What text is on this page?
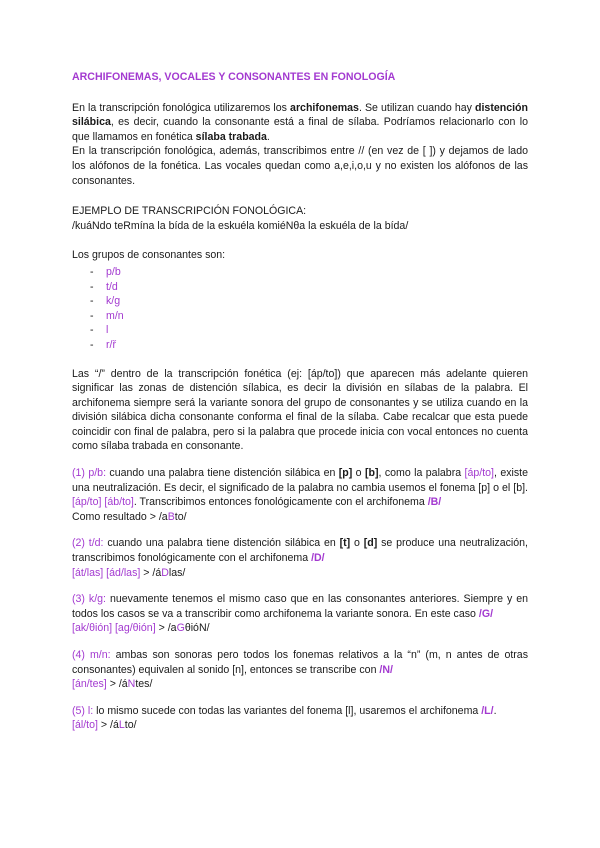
ARCHIFONEMAS, VOCALES Y CONSONANTES EN FONOLOGÍA

En la transcripción fonológica utilizaremos los archifonemas. Se utilizan cuando hay distención silábica, es decir, cuando la consonante está a final de sílaba. Podríamos relacionarlo con lo que llamamos en fonética sílaba trabada.

En la transcripción fonológica, además, transcribimos entre // (en vez de [ ]) y dejamos de lado los alófonos de la fonética. Las vocales quedan como a,e,i,o,u y no existen los alófonos de las consonantes.

EJEMPLO DE TRANSCRIPCIÓN FONOLÓGICA:
/kuáNdo teRmína la bída de la eskuéla komiéNθa la eskuéla de la bída/
Los grupos de consonantes son:
- p/b
- t/d
- k/g
- m/n
- l
- r/ř

Las “/” dentro de la transcripción fonética (ej: [áp/to]) que aparecen más adelante quieren significar las zonas de distención sílabica, es decir la división en sílabas de la palabra. El archifonema siempre será la variante sonora del grupo de consonantes y se utiliza cuando en la división silábica dicha consonante conforma el final de la sílaba. Cabe recalcar que esta puede coincidir con final de palabra, pero si la palabra que procede inicia con vocal entonces no cuenta como sílaba trabada en consonante.

(1) p/b: cuando una palabra tiene distención silábica en [p] o [b], como la palabra [áp/to], existe una neutralización. Es decir, el significado de la palabra no cambia usemos el fonema [p] o el [b]. [áp/to] [áb/to]. Transcribimos entonces fonológicamente con el archifonema /B/

Como resultado > /aBto/

(2) t/d: cuando una palabra tiene distención silábica en [t] o [d] se produce una neutralización, transcribimos fonológicamente con el archifonema /D/

[át/las] [ád/las] > /áDlas/

(3) k/g: nuevamente tenemos el mismo caso que en las consonantes anteriores. Siempre y en todos los casos se va a transcribir como archifonema la variante sonora. En este caso /G/

[ak/θión] [ag/θión] > /aGθióN/

(4) m/n: ambas son sonoras pero todos los fonemas relativos a la “n” (m, n antes de otras consonantes) equivalen al sonido [n], entonces se transcribe con /N/

[án/tes] > /áNtes/

(5) l: lo mismo sucede con todas las variantes del fonema [l], usaremos el archifonema /L/.

[ál/to] > /áLto/
